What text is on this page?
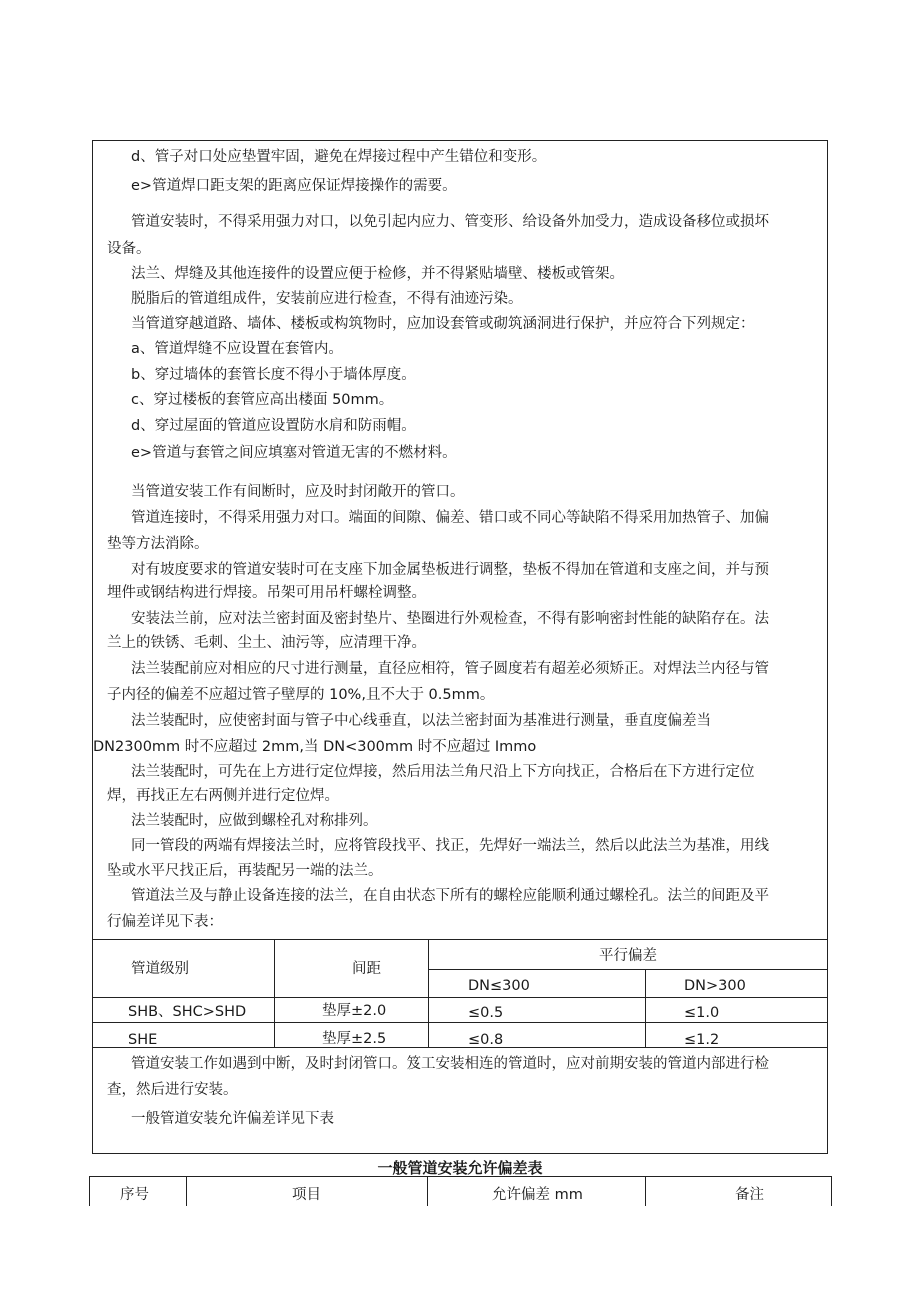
d、管子对口处应垫置牢固，避免在焊接过程中产生错位和变形。
e>管道焊口距支架的距离应保证焊接操作的需要。
管道安装时，不得采用强力对口，以免引起内应力、管变形、给设备外加受力，造成设备移位或损坏
设备。
法兰、焊缝及其他连接件的设置应便于检修，并不得紧贴墙壁、楼板或管架。
脱脂后的管道组成件，安装前应进行检查，不得有油迹污染。
当管道穿越道路、墙体、楼板或构筑物时，应加设套管或砌筑涵洞进行保护，并应符合下列规定：
a、管道焊缝不应设置在套管内。
b、穿过墙体的套管长度不得小于墙体厚度。
c、穿过楼板的套管应高出楼面 50mm。
d、穿过屋面的管道应设置防水肩和防雨帽。
e>管道与套管之间应填塞对管道无害的不燃材料。
当管道安装工作有间断时，应及时封闭敞开的管口。
管道连接时，不得采用强力对口。端面的间隙、偏差、错口或不同心等缺陷不得采用加热管子、加偏
垫等方法消除。
对有坡度要求的管道安装时可在支座下加金属垫板进行调整，垫板不得加在管道和支座之间，并与预
埋件或钢结构进行焊接。吊架可用吊杆螺栓调整。
安装法兰前，应对法兰密封面及密封垫片、垫圈进行外观检查，不得有影响密封性能的缺陷存在。法
兰上的铁锈、毛刺、尘土、油污等，应清理干净。
法兰装配前应对相应的尺寸进行测量，直径应相符，管子圆度若有超差必须矫正。对焊法兰内径与管
子内径的偏差不应超过管子壁厚的 10%,且不大于 0.5mm。
法兰装配时，应使密封面与管子中心线垂直，以法兰密封面为基准进行测量，垂直度偏差当
DN2300mm 时不应超过 2mm,当 DN<300mm 时不应超过 Immo
法兰装配时，可先在上方进行定位焊接，然后用法兰角尺沿上下方向找正，合格后在下方进行定位
焊，再找正左右两侧并进行定位焊。
法兰装配时，应做到螺栓孔对称排列。
同一管段的两端有焊接法兰时，应将管段找平、找正，先焊好一端法兰，然后以此法兰为基准，用线
坠或水平尺找正后，再装配另一端的法兰。
管道法兰及与静止设备连接的法兰，在自由状态下所有的螺栓应能顺利通过螺栓孔。法兰的间距及平
行偏差详见下表：
管道级别	间距
平行偏差
DN≤300	DN>300
SHB、SHC>SHD	垫厚±2.0	≤0.5	≤1.0
SHE	垫厚±2.5	≤0.8	≤1.2
管道安装工作如遇到中断，及时封闭管口。笈工安装相连的管道时，应对前期安装的管道内部进行检
查，然后进行安装。
一般管道安装允许偏差详见下表
一般管道安装允许偏差表
序号	项目	允许偏差 mm	备注
